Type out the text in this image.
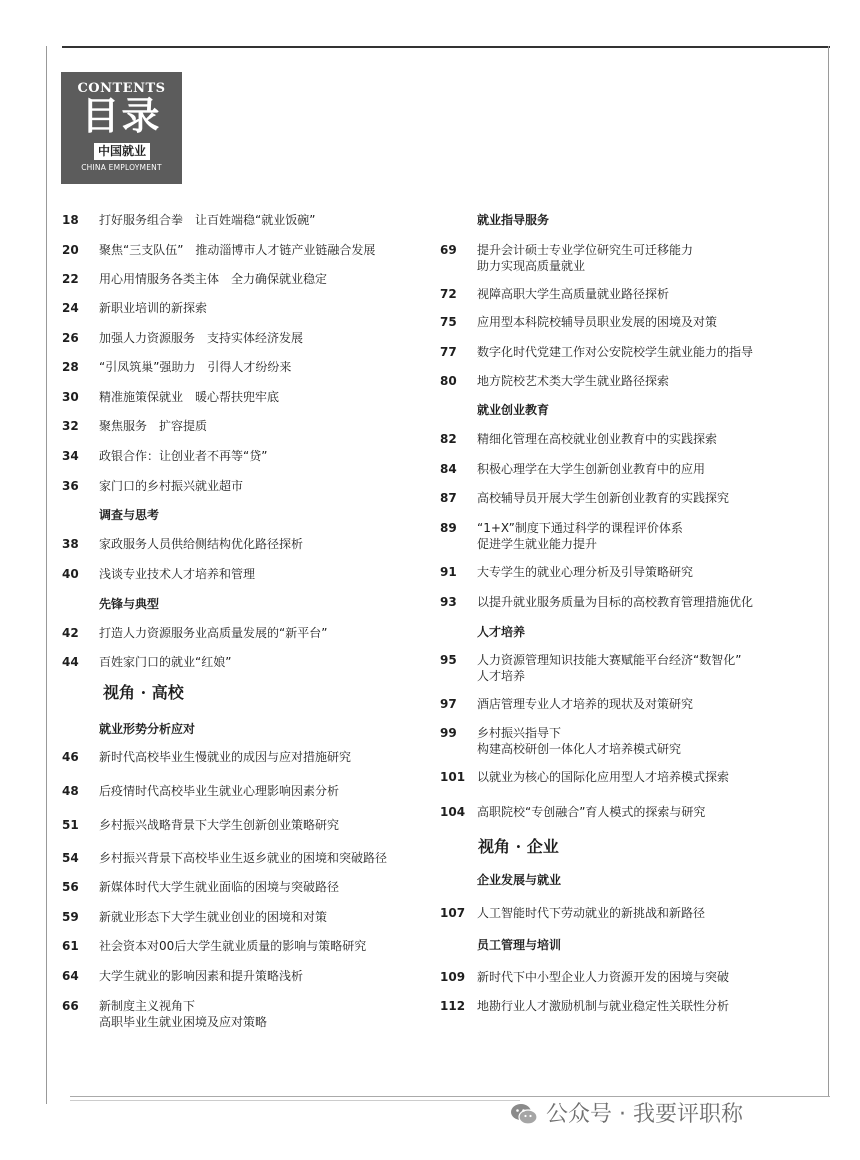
CONTENTS
目录
中国就业
CHINA EMPLOYMENT
18 打好服务组合拳　让百姓端稳“就业饭碗”
20 聚焦“三支队伍”　推动淄博市人才链产业链融合发展
22 用心用情服务各类主体　全力确保就业稳定
24 新职业培训的新探索
26 加强人力资源服务　支持实体经济发展
28 “引凤筑巢”强助力　引得人才纷纷来
30 精准施策保就业　暖心帮扶兜牢底
32 聚焦服务　扩容提质
34 政银合作：让创业者不再等“贷”
36 家门口的乡村振兴就业超市
调查与思考
38 家政服务人员供给侧结构优化路径探析
40 浅谈专业技术人才培养和管理
先锋与典型
42 打造人力资源服务业高质量发展的“新平台”
44 百姓家门口的就业“红娘”
视角 · 高校
就业形势分析应对
46 新时代高校毕业生慢就业的成因与应对措施研究
48 后疫情时代高校毕业生就业心理影响因素分析
51 乡村振兴战略背景下大学生创新创业策略研究
54 乡村振兴背景下高校毕业生返乡就业的困境和突破路径
56 新媒体时代大学生就业面临的困境与突破路径
59 新就业形态下大学生就业创业的困境和对策
61 社会资本对00后大学生就业质量的影响与策略研究
64 大学生就业的影响因素和提升策略浅析
66 新制度主义视角下
高职毕业生就业困境及应对策略
就业指导服务
69 提升会计硕士专业学位研究生可迁移能力
助力实现高质量就业
72 视障高职大学生高质量就业路径探析
75 应用型本科院校辅导员职业发展的困境及对策
77 数字化时代党建工作对公安院校学生就业能力的指导
80 地方院校艺术类大学生就业路径探索
就业创业教育
82 精细化管理在高校就业创业教育中的实践探索
84 积极心理学在大学生创新创业教育中的应用
87 高校辅导员开展大学生创新创业教育的实践探究
89 “1+X”制度下通过科学的课程评价体系
促进学生就业能力提升
91 大专学生的就业心理分析及引导策略研究
93 以提升就业服务质量为目标的高校教育管理措施优化
人才培养
95 人力资源管理知识技能大赛赋能平台经济“数智化”
人才培养
97 酒店管理专业人才培养的现状及对策研究
99 乡村振兴指导下
构建高校研创一体化人才培养模式研究
101 以就业为核心的国际化应用型人才培养模式探索
104 高职院校“专创融合”育人模式的探索与研究
视角 · 企业
企业发展与就业
107 人工智能时代下劳动就业的新挑战和新路径
员工管理与培训
109 新时代下中小型企业人力资源开发的困境与突破
112 地勘行业人才激励机制与就业稳定性关联性分析
公众号 · 我要评职称
